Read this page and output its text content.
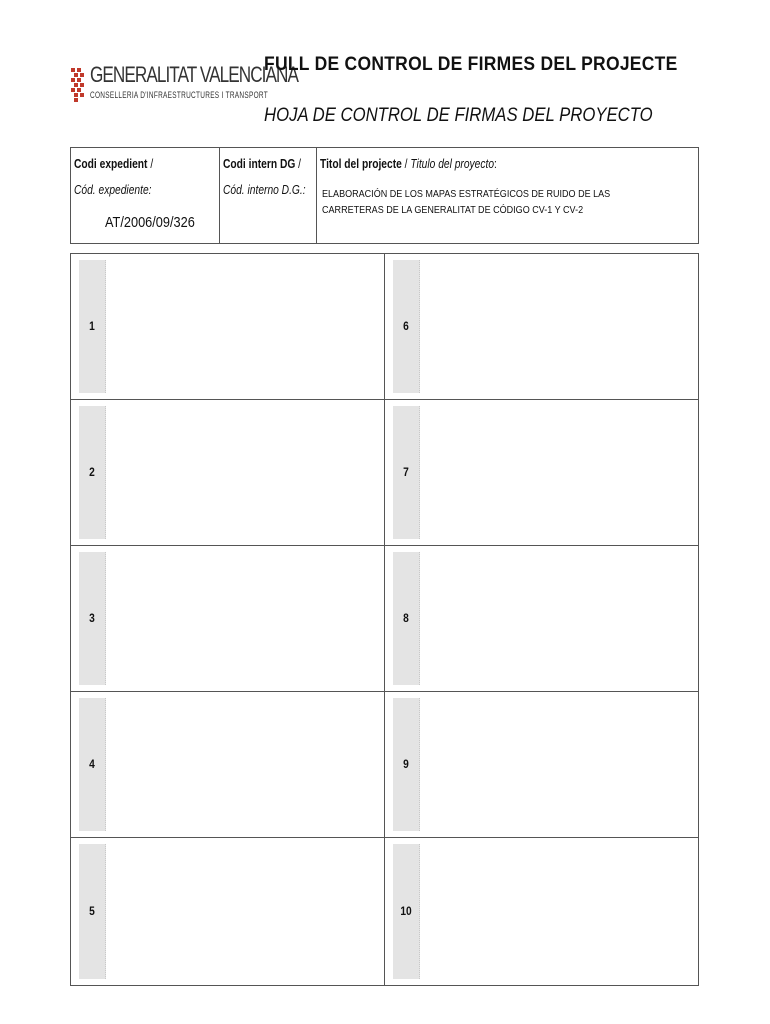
GENERALITAT VALENCIANA
CONSELLERIA D'INFRAESTRUCTURES I TRANSPORT
FULL DE CONTROL DE FIRMES DEL PROJECTE
HOJA DE CONTROL DE FIRMAS DEL PROYECTO
Codi expedient /
Cód. expediente:
AT/2006/09/326
Codi intern DG /
Cód. interno D.G.:
Titol del projecte / Titulo del proyecto:
ELABORACIÓN DE LOS MAPAS ESTRATÉGICOS DE RUIDO DE LAS CARRETERAS DE LA GENERALITAT DE CÓDIGO CV-1 Y CV-2
1
2
3
4
5
6
7
8
9
10
